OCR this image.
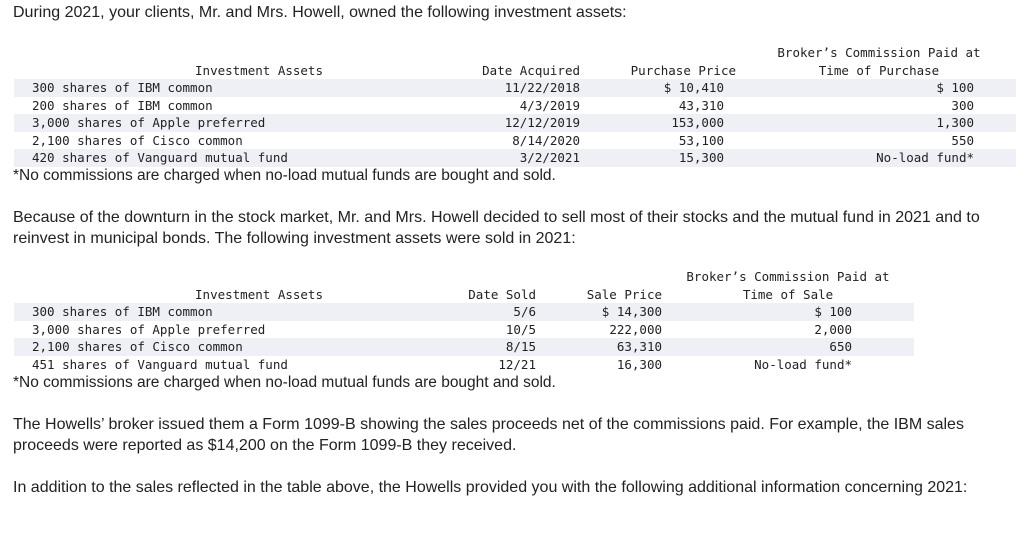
During 2021, your clients, Mr. and Mrs. Howell, owned the following investment assets:

Investment Assets	Date Acquired	Purchase Price	Broker’s Commission Paid at
Time of Purchase

300 shares of IBM common	11/22/2018	$ 10,410	$ 100
200 shares of IBM common	4/3/2019	43,310	300
3,000 shares of Apple preferred	12/12/2019	153,000	1,300
2,100 shares of Cisco common	8/14/2020	53,100	550
420 shares of Vanguard mutual fund	3/2/2021	15,300	No-load fund*

*No commissions are charged when no-load mutual funds are bought and sold.

Because of the downturn in the stock market, Mr. and Mrs. Howell decided to sell most of their stocks and the mutual fund in 2021 and to reinvest in municipal bonds. The following investment assets were sold in 2021:

Investment Assets	Date Sold	Sale Price	Broker’s Commission Paid at
Time of Sale

300 shares of IBM common	5/6	$ 14,300	$ 100
3,000 shares of Apple preferred	10/5	222,000	2,000
2,100 shares of Cisco common	8/15	63,310	650
451 shares of Vanguard mutual fund	12/21	16,300	No-load fund*

*No commissions are charged when no-load mutual funds are bought and sold.

The Howells’ broker issued them a Form 1099-B showing the sales proceeds net of the commissions paid. For example, the IBM sales proceeds were reported as $14,200 on the Form 1099-B they received.

In addition to the sales reflected in the table above, the Howells provided you with the following additional information concerning 2021:
